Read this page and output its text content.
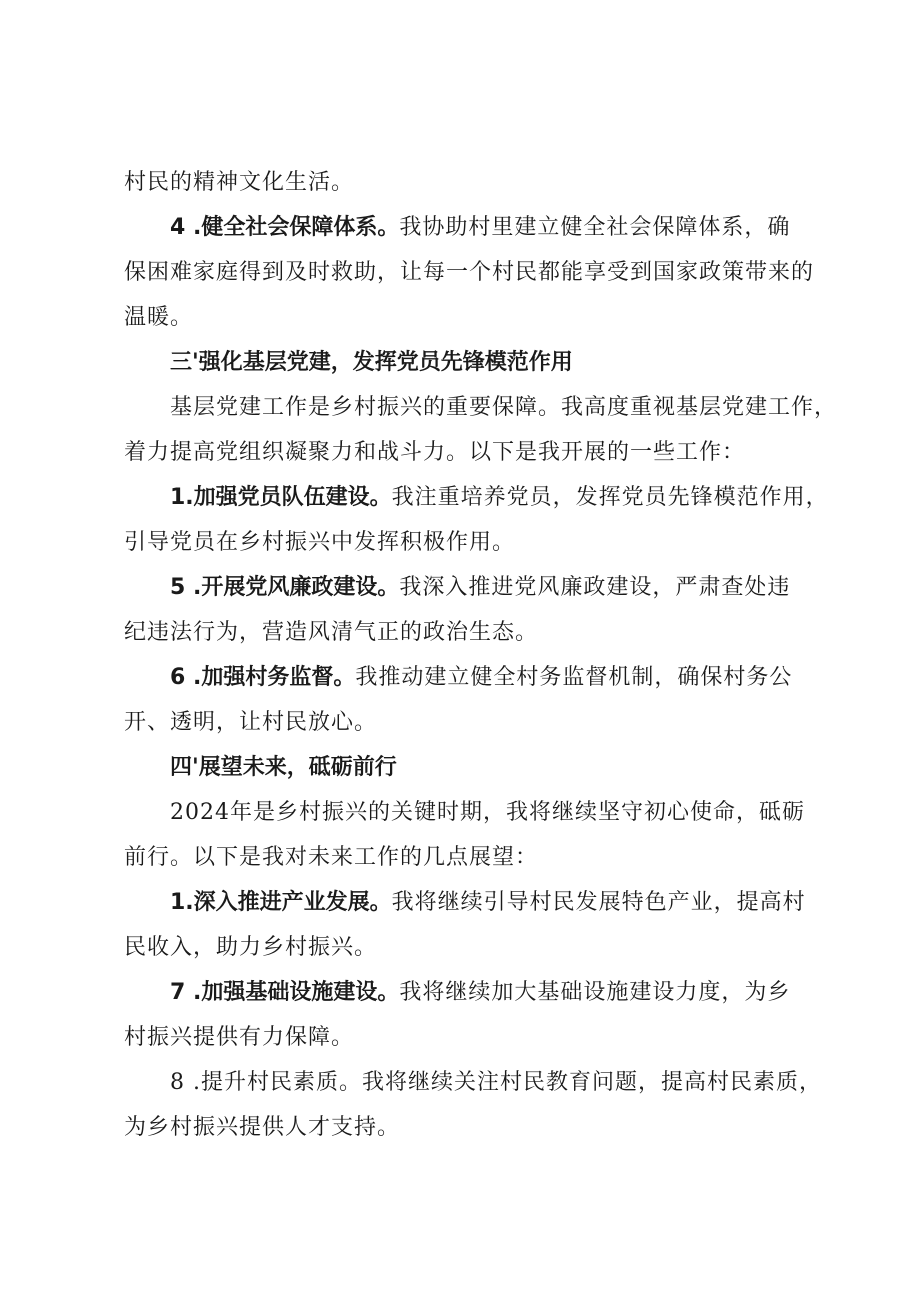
村民的精神文化生活。
4 .健全社会保障体系。我协助村里建立健全社会保障体系，确
保困难家庭得到及时救助，让每一个村民都能享受到国家政策带来的
温暖。
三'强化基层党建，发挥党员先锋模范作用
基层党建工作是乡村振兴的重要保障。我高度重视基层党建工作，
着力提高党组织凝聚力和战斗力。以下是我开展的一些工作：
1.加强党员队伍建设。我注重培养党员，发挥党员先锋模范作用，
引导党员在乡村振兴中发挥积极作用。
5 .开展党风廉政建设。我深入推进党风廉政建设，严肃查处违
纪违法行为，营造风清气正的政治生态。
6 .加强村务监督。我推动建立健全村务监督机制，确保村务公
开、透明，让村民放心。
四'展望未来，砥砺前行
2024年是乡村振兴的关键时期，我将继续坚守初心使命，砥砺
前行。以下是我对未来工作的几点展望：
1.深入推进产业发展。我将继续引导村民发展特色产业，提高村
民收入，助力乡村振兴。
7 .加强基础设施建设。我将继续加大基础设施建设力度，为乡
村振兴提供有力保障。
8 .提升村民素质。我将继续关注村民教育问题，提高村民素质，
为乡村振兴提供人才支持。
